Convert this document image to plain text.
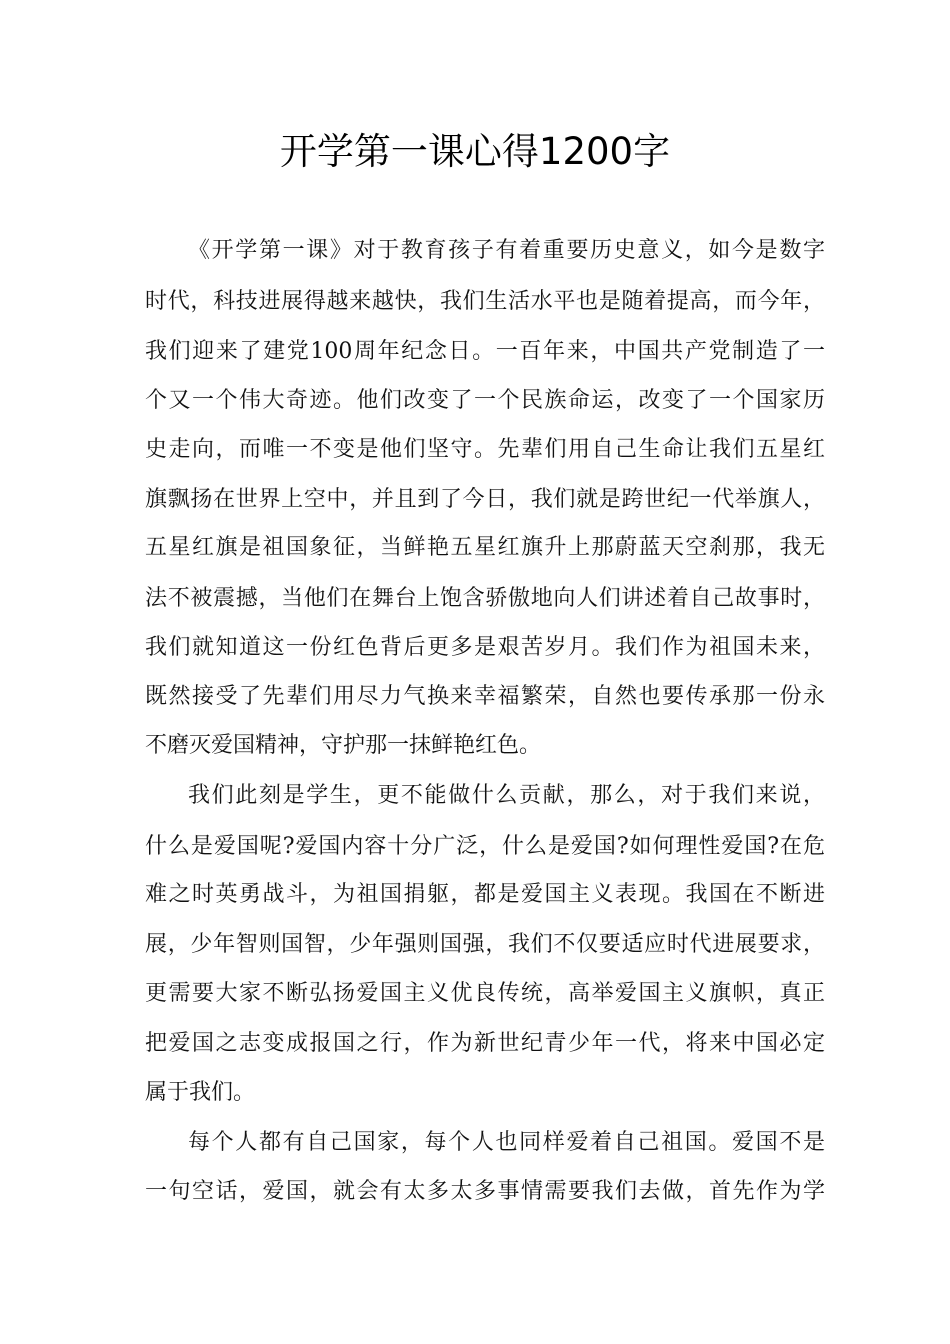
开学第一课心得1200字
《开学第一课》对于教育孩子有着重要历史意义，如今是数字
时代，科技进展得越来越快，我们生活水平也是随着提高，而今年，
我们迎来了建党100周年纪念日。一百年来，中国共产党制造了一
个又一个伟大奇迹。他们改变了一个民族命运，改变了一个国家历
史走向，而唯一不变是他们坚守。先辈们用自己生命让我们五星红
旗飘扬在世界上空中，并且到了今日，我们就是跨世纪一代举旗人，
五星红旗是祖国象征，当鲜艳五星红旗升上那蔚蓝天空刹那，我无
法不被震撼，当他们在舞台上饱含骄傲地向人们讲述着自己故事时，
我们就知道这一份红色背后更多是艰苦岁月。我们作为祖国未来，
既然接受了先辈们用尽力气换来幸福繁荣，自然也要传承那一份永
不磨灭爱国精神，守护那一抹鲜艳红色。
我们此刻是学生，更不能做什么贡献，那么，对于我们来说，
什么是爱国呢?爱国内容十分广泛，什么是爱国?如何理性爱国?在危
难之时英勇战斗，为祖国捐躯，都是爱国主义表现。我国在不断进
展，少年智则国智，少年强则国强，我们不仅要适应时代进展要求，
更需要大家不断弘扬爱国主义优良传统，高举爱国主义旗帜，真正
把爱国之志变成报国之行，作为新世纪青少年一代，将来中国必定
属于我们。
每个人都有自己国家，每个人也同样爱着自己祖国。爱国不是
一句空话，爱国，就会有太多太多事情需要我们去做，首先作为学
